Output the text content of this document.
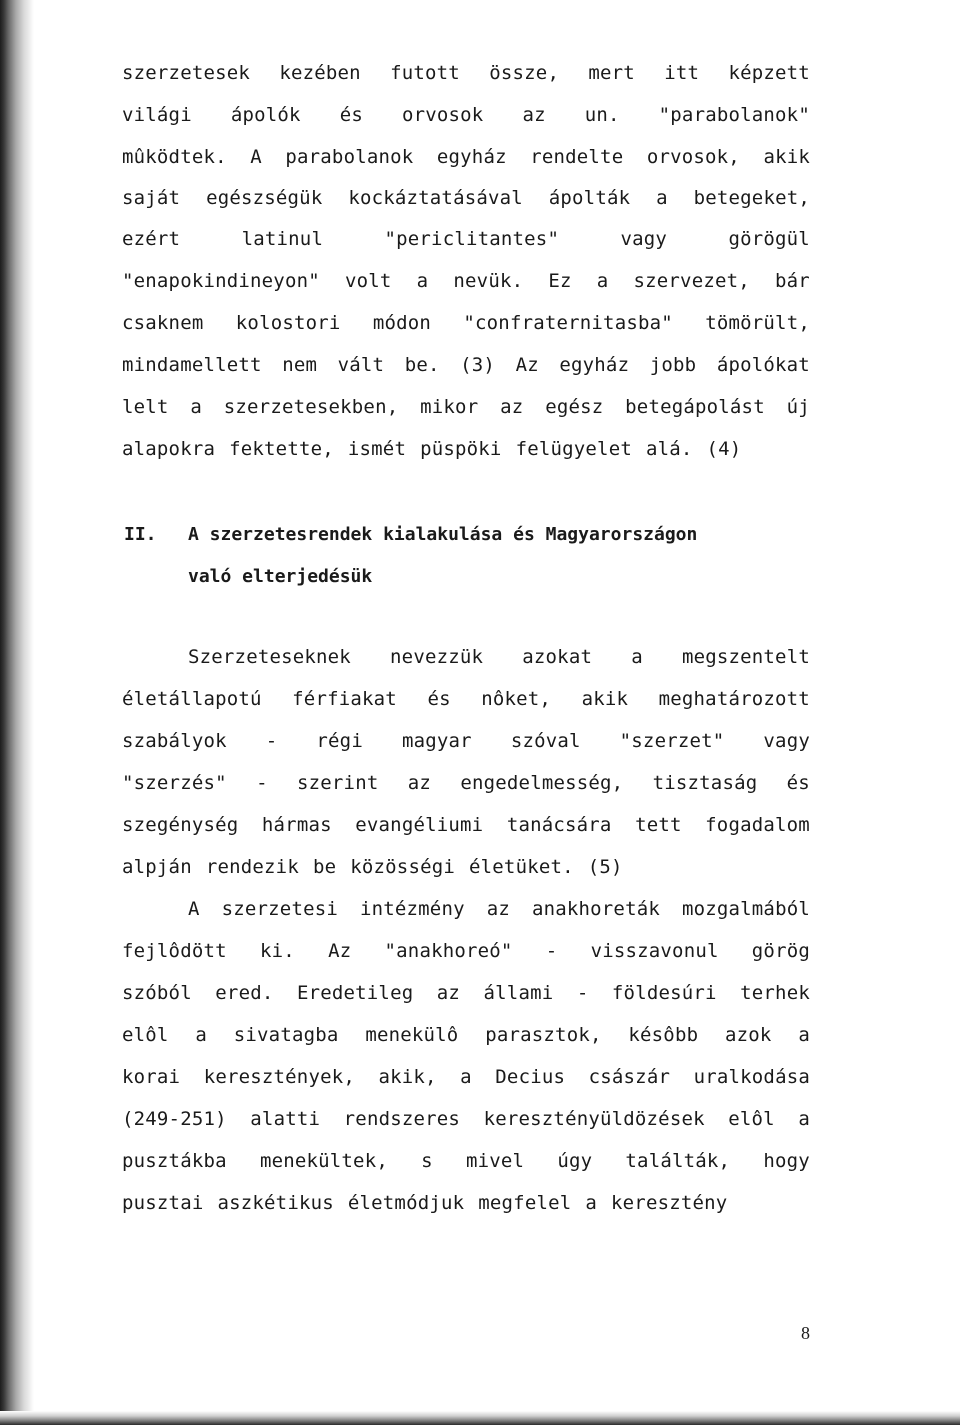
szerzetesek kezében futott össze, mert itt képzett
világi ápolók és orvosok az un. "parabolanok"
mûködtek. A parabolanok egyház rendelte orvosok, akik
saját egészségük kockáztatásával ápolták a betegeket,
ezért	latinul	"periclitantes"	vagy	görögül
"enapokindineyon" volt a nevük. Ez a szervezet, bár
csaknem kolostori módon "confraternitasba" tömörült,
mindamellett nem vált be. (3) Az egyház jobb ápolókat
lelt a szerzetesekben, mikor az egész betegápolást új
alapokra fektette, ismét püspöki felügyelet alá. (4)
II. A szerzetesrendek kialakulása és Magyarországon
való elterjedésük
Szerzeteseknek nevezzük azokat a megszentelt
életállapotú férfiakat és nôket, akik meghatározott
szabályok - régi magyar szóval "szerzet" vagy
"szerzés" - szerint az engedelmesség, tisztaság és
szegénység hármas evangéliumi tanácsára tett fogadalom
alpján rendezik be közösségi életüket. (5)
A szerzetesi intézmény az anakhoreták mozgalmából
fejlôdött ki. Az "anakhoreó" - visszavonul görög
szóból ered. Eredetileg az állami - földesúri terhek
elôl a sivatagba menekülô parasztok, késôbb azok a
korai keresztények, akik, a Decius császár uralkodása
(249-251) alatti rendszeres keresztényüldözések elôl a
pusztákba menekültek, s mivel úgy találták, hogy
pusztai aszkétikus életmódjuk megfelel a keresztény
8
